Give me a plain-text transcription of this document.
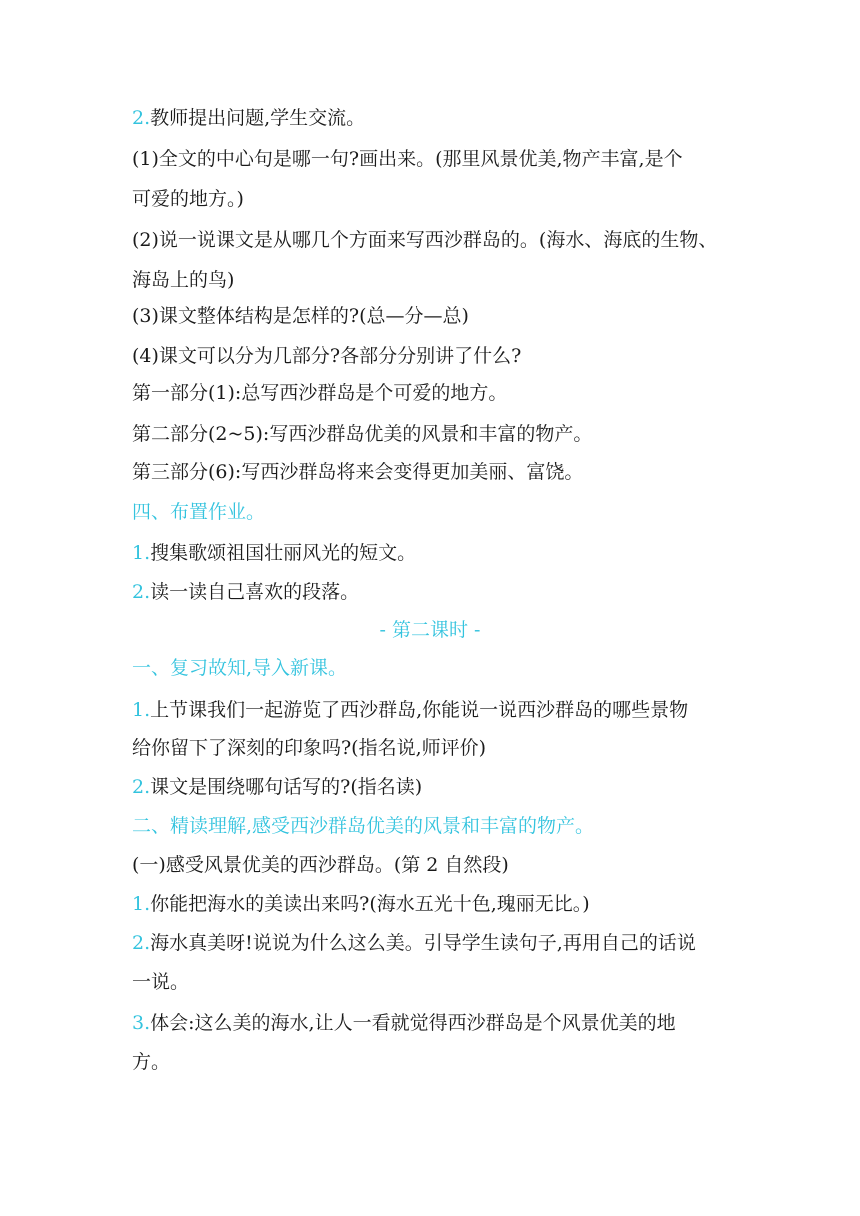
2.教师提出问题,学生交流。
(1)全文的中心句是哪一句?画出来。(那里风景优美,物产丰富,是个
可爱的地方。)
(2)说一说课文是从哪几个方面来写西沙群岛的。(海水、海底的生物、
海岛上的鸟)
(3)课文整体结构是怎样的?(总—分—总)
(4)课文可以分为几部分?各部分分别讲了什么?
第一部分(1):总写西沙群岛是个可爱的地方。
第二部分(2~5):写西沙群岛优美的风景和丰富的物产。
第三部分(6):写西沙群岛将来会变得更加美丽、富饶。
四、布置作业。
1.搜集歌颂祖国壮丽风光的短文。
2.读一读自己喜欢的段落。
- 第二课时 -
一、复习故知,导入新课。
1.上节课我们一起游览了西沙群岛,你能说一说西沙群岛的哪些景物
给你留下了深刻的印象吗?(指名说,师评价)
2.课文是围绕哪句话写的?(指名读)
二、精读理解,感受西沙群岛优美的风景和丰富的物产。
(一)感受风景优美的西沙群岛。(第 2 自然段)
1.你能把海水的美读出来吗?(海水五光十色,瑰丽无比。)
2.海水真美呀!说说为什么这么美。引导学生读句子,再用自己的话说
一说。
3.体会:这么美的海水,让人一看就觉得西沙群岛是个风景优美的地
方。
